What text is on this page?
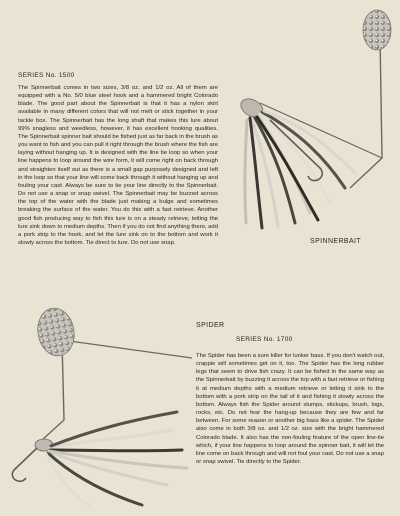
SERIES No. 1500
The Spinnerbait comes in two sizes, 3/8 oz. and 1/2 oz. All of them are equipped with a No. 5/0 blue steel hook and a hammered bright Colorado blade. The good part about the Spinnerbait is that it has a nylon skirt available in many different colors that will not melt or stick together in your tackle box. The Spinnerbait has the long shaft that makes this lure about 99% snagless and weedless, however, it has excellent hooking qualities. The Spinnerbait spinner bait should be fished just as far back in the brush as you want to fish and you can pull it right through the brush where the fish are laying without hanging up. It is designed with the line tie loop so when your line happens to loop around the wire form, it will come right on back through and straighten itself out as there is a small gap purposely designed and left in the loop so that your line will come back through it without hanging up and fouling your cast. Always be sure to tie your line directly to the Spinnerbait. Do not use a snap or snap swivel. The Spinnerbait may be buzzed across the top of the water with the blade just making a bulge and sometimes breaking the surface of the water. You do this with a fast retrieve. Another good fish producing way to fish this lure is on a steady retrieve, letting the lure sink down to medium depths. Then if you do not find anything there, add a pork strip to the hook, and let the lure sink on to the bottom and work it slowly across the bottom. Tie direct to lure. Do not use snap.	SPINNERBAIT
SPIDER
SERIES No. 1700
The Spider has been a sure killer for lunker bass. If you don't watch out, crappie will sometimes get on it, too. The Spider has the long rubber legs that seem to drive fish crazy. It can be fished in the same way as the Spinnerbait by buzzing it across the top with a fast retrieve or fishing it at medium depths with a medium retrieve or letting it sink to the bottom with a pork strip on the tail of it and fishing it slowly across the bottom. Always fish the Spider around stumps, stickups, brush, logs, rocks, etc. Do not fear the hang-up because they are few and far between. For some reason or another big bass like a spider. The Spider also come in both 3/8 oz. and 1/2 oz. size with the bright hammered Colorado blade. It also has the non-fouling feature of the open line-tie which, if your line happens to loop around the spinner bait, it will let the line come on back through and will not foul your cast. Do not use a snap or snap swivel. Tie directly to the Spider.
